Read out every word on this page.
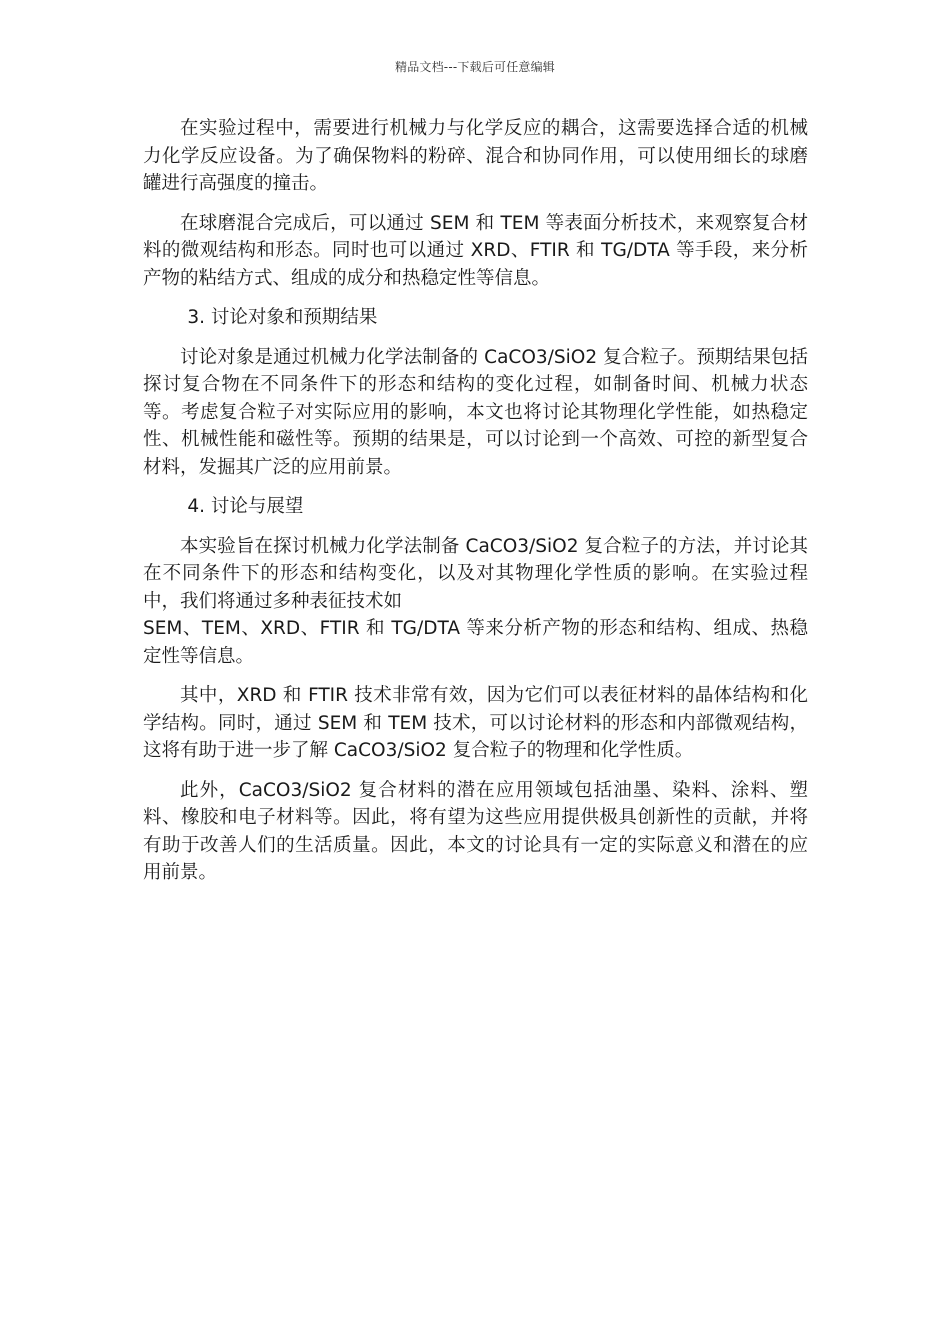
精品文档---下载后可任意编辑

在实验过程中，需要进行机械力与化学反应的耦合，这需要选择合适的机械力化学反应设备。为了确保物料的粉碎、混合和协同作用，可以使用细长的球磨罐进行高强度的撞击。

在球磨混合完成后，可以通过 SEM 和 TEM 等表面分析技术，来观察复合材料的微观结构和形态。同时也可以通过 XRD、FTIR 和 TG/DTA 等手段，来分析产物的粘结方式、组成的成分和热稳定性等信息。

3. 讨论对象和预期结果

讨论对象是通过机械力化学法制备的 CaCO3/SiO2 复合粒子。预期结果包括探讨复合物在不同条件下的形态和结构的变化过程，如制备时间、机械力状态等。考虑复合粒子对实际应用的影响，本文也将讨论其物理化学性能，如热稳定性、机械性能和磁性等。预期的结果是，可以讨论到一个高效、可控的新型复合材料，发掘其广泛的应用前景。

4. 讨论与展望

本实验旨在探讨机械力化学法制备 CaCO3/SiO2 复合粒子的方法，并讨论其在不同条件下的形态和结构变化，以及对其物理化学性质的影响。在实验过程中，我们将通过多种表征技术如
SEM、TEM、XRD、FTIR 和 TG/DTA 等来分析产物的形态和结构、组成、热稳定性等信息。

其中，XRD 和 FTIR 技术非常有效，因为它们可以表征材料的晶体结构和化学结构。同时，通过 SEM 和 TEM 技术，可以讨论材料的形态和内部微观结构，这将有助于进一步了解 CaCO3/SiO2 复合粒子的物理和化学性质。

此外，CaCO3/SiO2 复合材料的潜在应用领域包括油墨、染料、涂料、塑料、橡胶和电子材料等。因此，将有望为这些应用提供极具创新性的贡献，并将有助于改善人们的生活质量。因此，本文的讨论具有一定的实际意义和潜在的应用前景。
